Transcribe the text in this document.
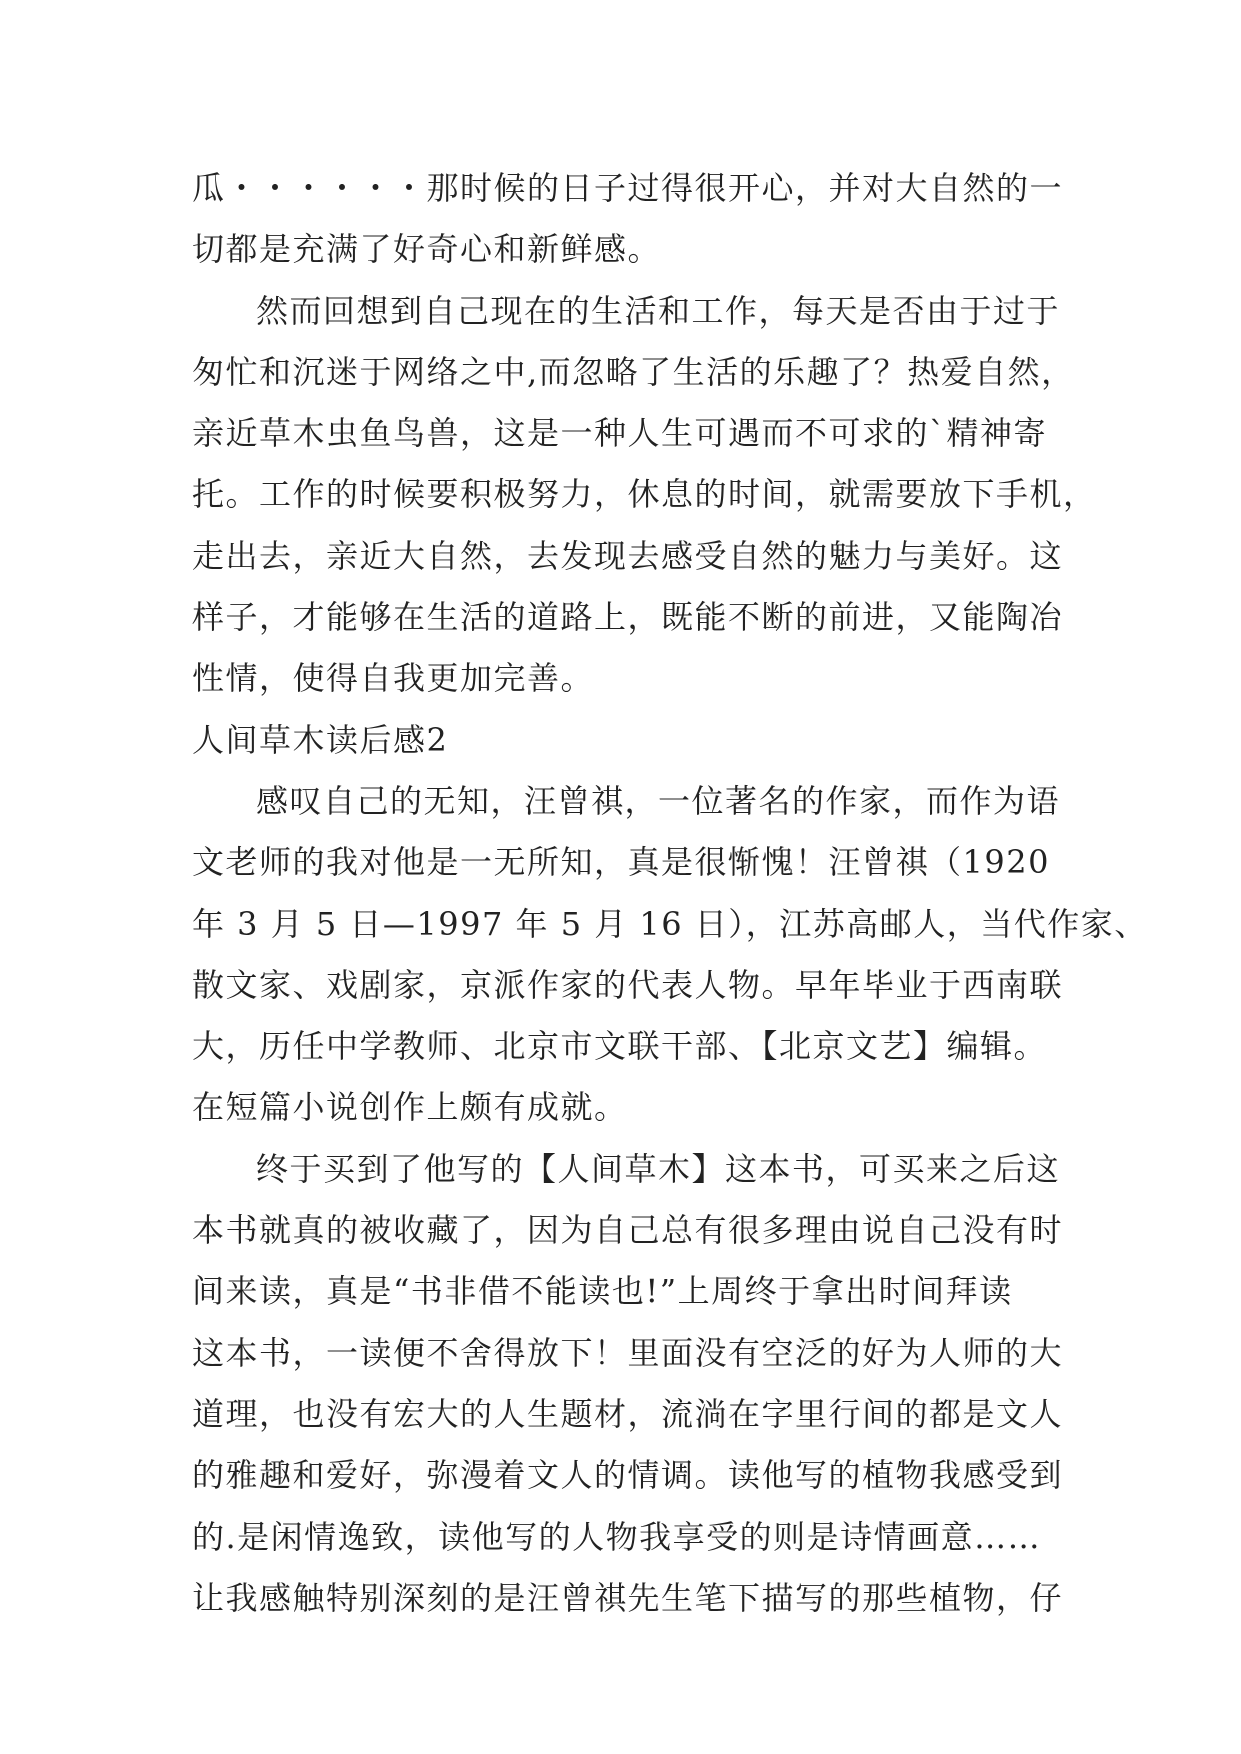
瓜・・・・・・那时候的日子过得很开心，并对大自然的一
切都是充满了好奇心和新鲜感。
然而回想到自己现在的生活和工作，每天是否由于过于
匆忙和沉迷于网络之中,而忽略了生活的乐趣了？热爱自然，
亲近草木虫鱼鸟兽，这是一种人生可遇而不可求的`精神寄
托。工作的时候要积极努力，休息的时间，就需要放下手机，
走出去，亲近大自然，去发现去感受自然的魅力与美好。这
样子，才能够在生活的道路上，既能不断的前进，又能陶冶
性情，使得自我更加完善。
人间草木读后感2
感叹自己的无知，汪曾祺，一位著名的作家，而作为语
文老师的我对他是一无所知，真是很惭愧！汪曾祺（1920
年 3 月 5 日—1997 年 5 月 16 日），江苏高邮人，当代作家、
散文家、戏剧家，京派作家的代表人物。早年毕业于西南联
大，历任中学教师、北京市文联干部、【北京文艺】编辑。
在短篇小说创作上颇有成就。
终于买到了他写的【人间草木】这本书，可买来之后这
本书就真的被收藏了，因为自己总有很多理由说自己没有时
间来读，真是“书非借不能读也!”上周终于拿出时间拜读
这本书，一读便不舍得放下！里面没有空泛的好为人师的大
道理，也没有宏大的人生题材，流淌在字里行间的都是文人
的雅趣和爱好，弥漫着文人的情调。读他写的植物我感受到
的.是闲情逸致，读他写的人物我享受的则是诗情画意……
让我感触特别深刻的是汪曾祺先生笔下描写的那些植物，仔
